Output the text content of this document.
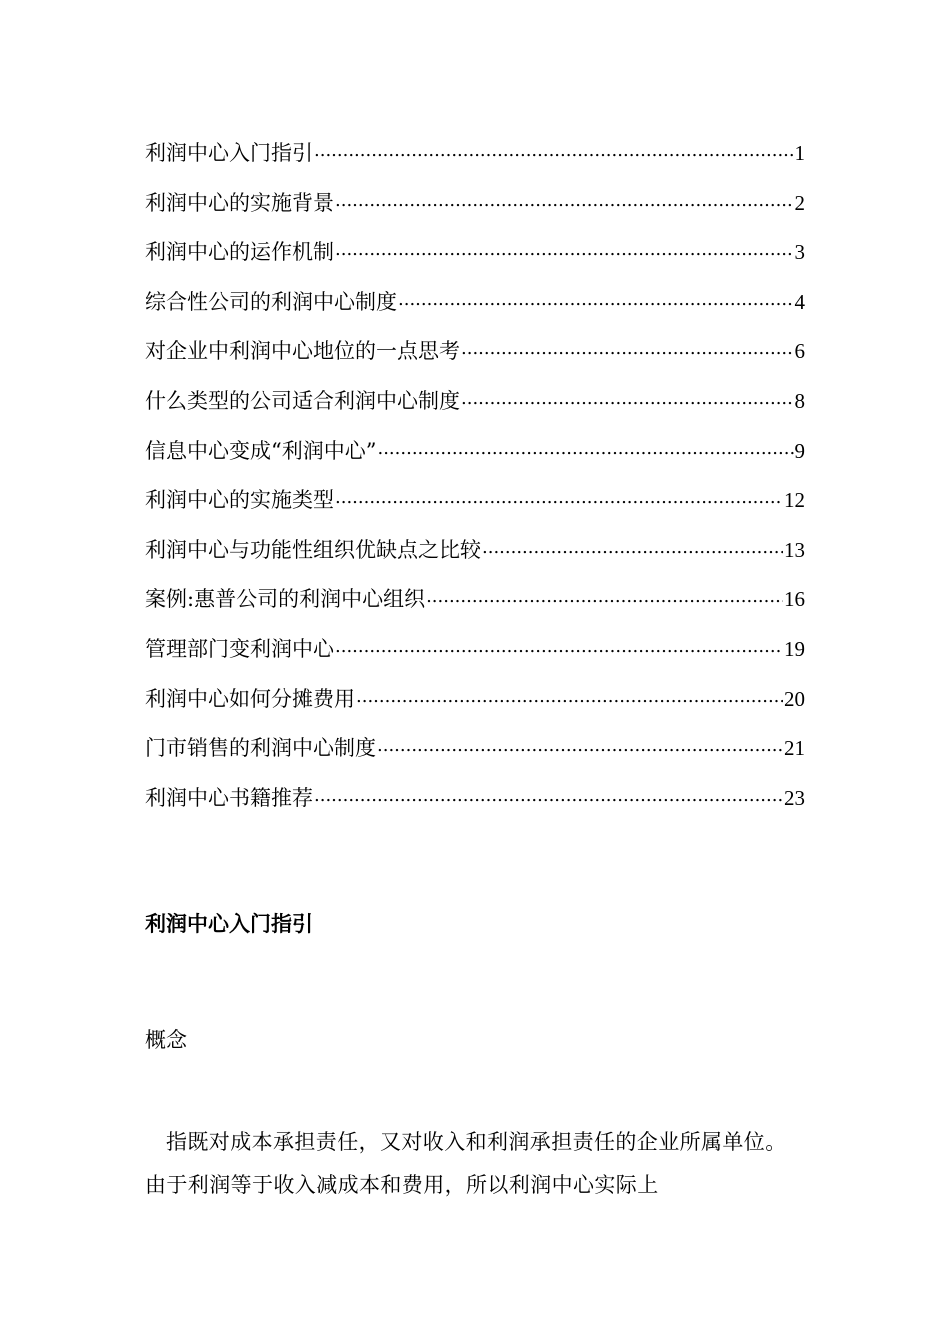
利润中心入门指引 .....	1
利润中心的实施背景 .....	2
利润中心的运作机制 .....	3
综合性公司的利润中心制度 .....	4
对企业中利润中心地位的一点思考 .....	6
什么类型的公司适合利润中心制度 .....	8
信息中心变成“利润中心” .....	9
利润中心的实施类型 .....	12
利润中心与功能性组织优缺点之比较 .....	13
案例:惠普公司的利润中心组织 .....	16
管理部门变利润中心 .....	19
利润中心如何分摊费用 .....	20
门市销售的利润中心制度 .....	21
利润中心书籍推荐 .....	23
利润中心入门指引
概念

指既对成本承担责任，又对收入和利润承担责任的企业所属单位。由于利润等于收入减成本和费用，所以利润中心实际上
